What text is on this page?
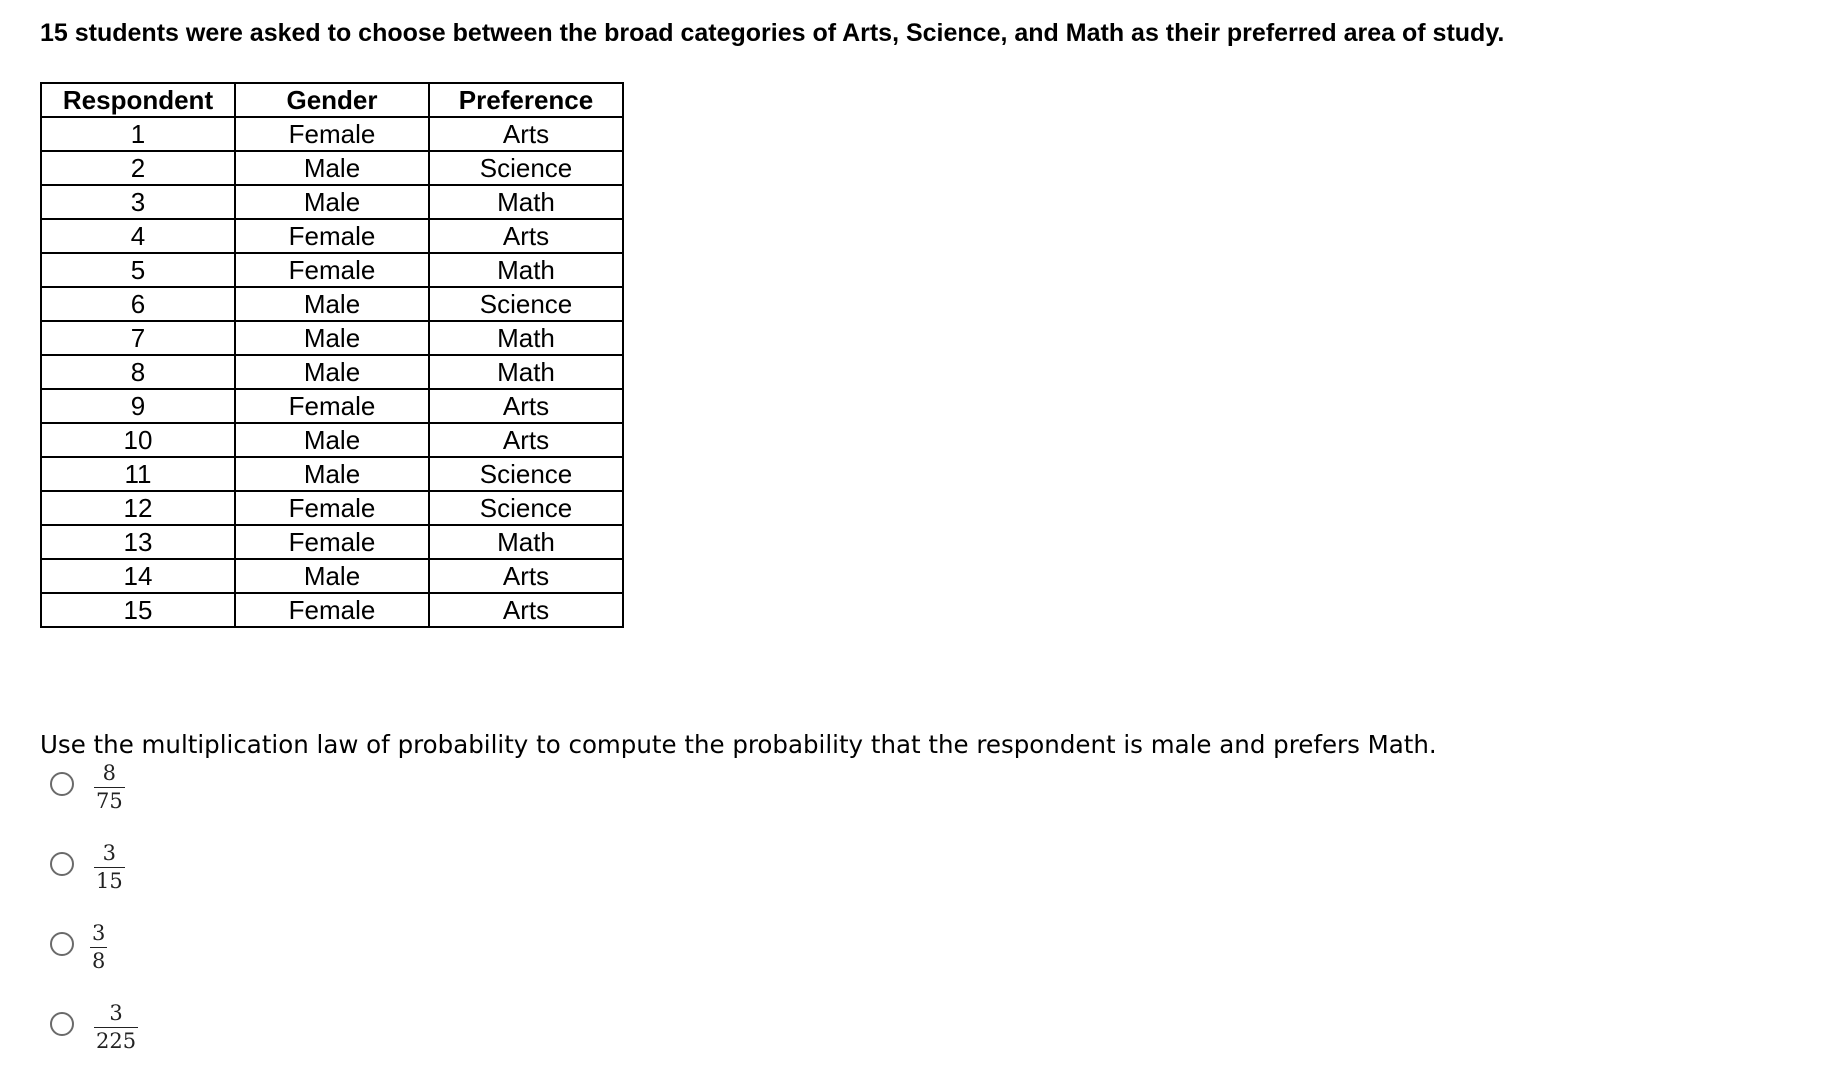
15 students were asked to choose between the broad categories of Arts, Science, and Math as their preferred area of study.
Respondent	Gender	Preference
1	Female	Arts
2	Male	Science
3	Male	Math
4	Female	Arts
5	Female	Math
6	Male	Science
7	Male	Math
8	Male	Math
9	Female	Arts
10	Male	Arts
11	Male	Science
12	Female	Science
13	Female	Math
14	Male	Arts
15	Female	Arts
Use the multiplication law of probability to compute the probability that the respondent is male and prefers Math.
8
75
3
15
3
8
3
225
